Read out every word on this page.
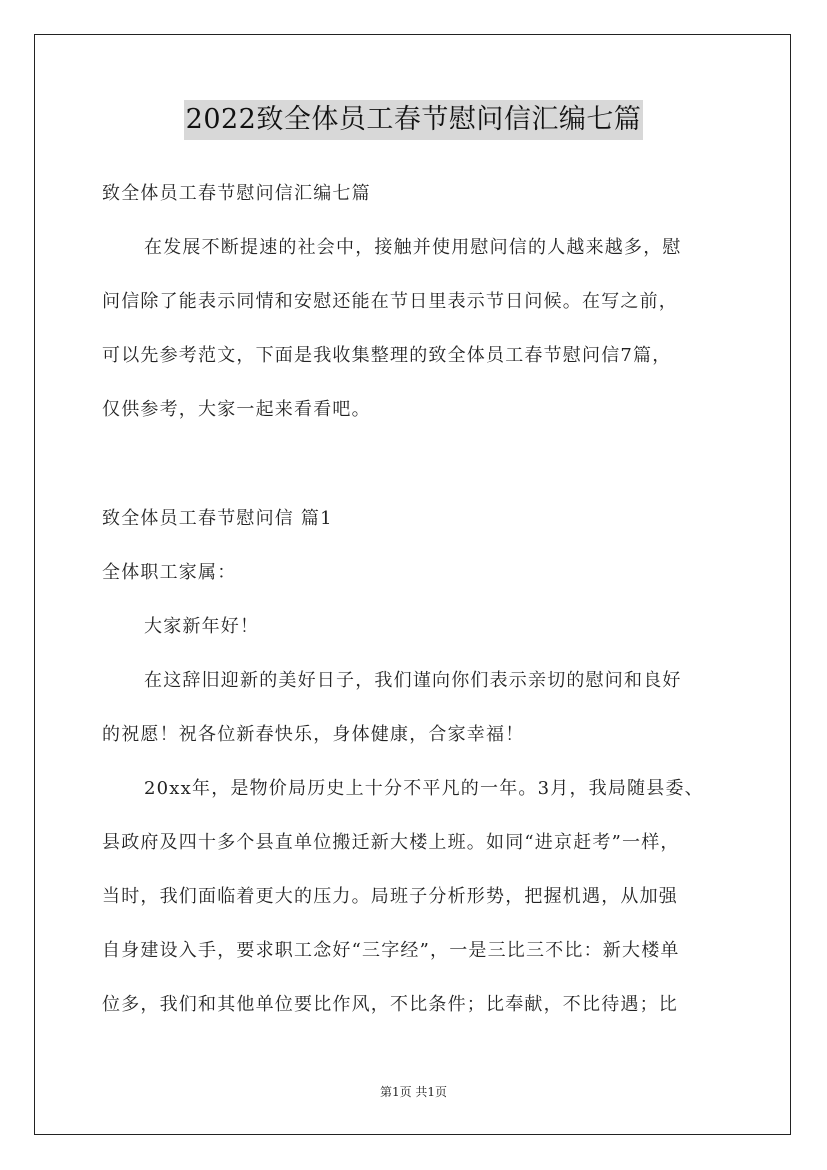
2022致全体员工春节慰问信汇编七篇
致全体员工春节慰问信汇编七篇
在发展不断提速的社会中，接触并使用慰问信的人越来越多，慰
问信除了能表示同情和安慰还能在节日里表示节日问候。在写之前，
可以先参考范文，下面是我收集整理的致全体员工春节慰问信7篇，
仅供参考，大家一起来看看吧。
致全体员工春节慰问信 篇1
全体职工家属：
大家新年好！
在这辞旧迎新的美好日子，我们谨向你们表示亲切的慰问和良好
的祝愿！祝各位新春快乐，身体健康，合家幸福！
20xx年，是物价局历史上十分不平凡的一年。3月，我局随县委、
县政府及四十多个县直单位搬迁新大楼上班。如同“进京赶考”一样，
当时，我们面临着更大的压力。局班子分析形势，把握机遇，从加强
自身建设入手，要求职工念好“三字经”，一是三比三不比：新大楼单
位多，我们和其他单位要比作风，不比条件；比奉献，不比待遇；比
第1页 共1页
